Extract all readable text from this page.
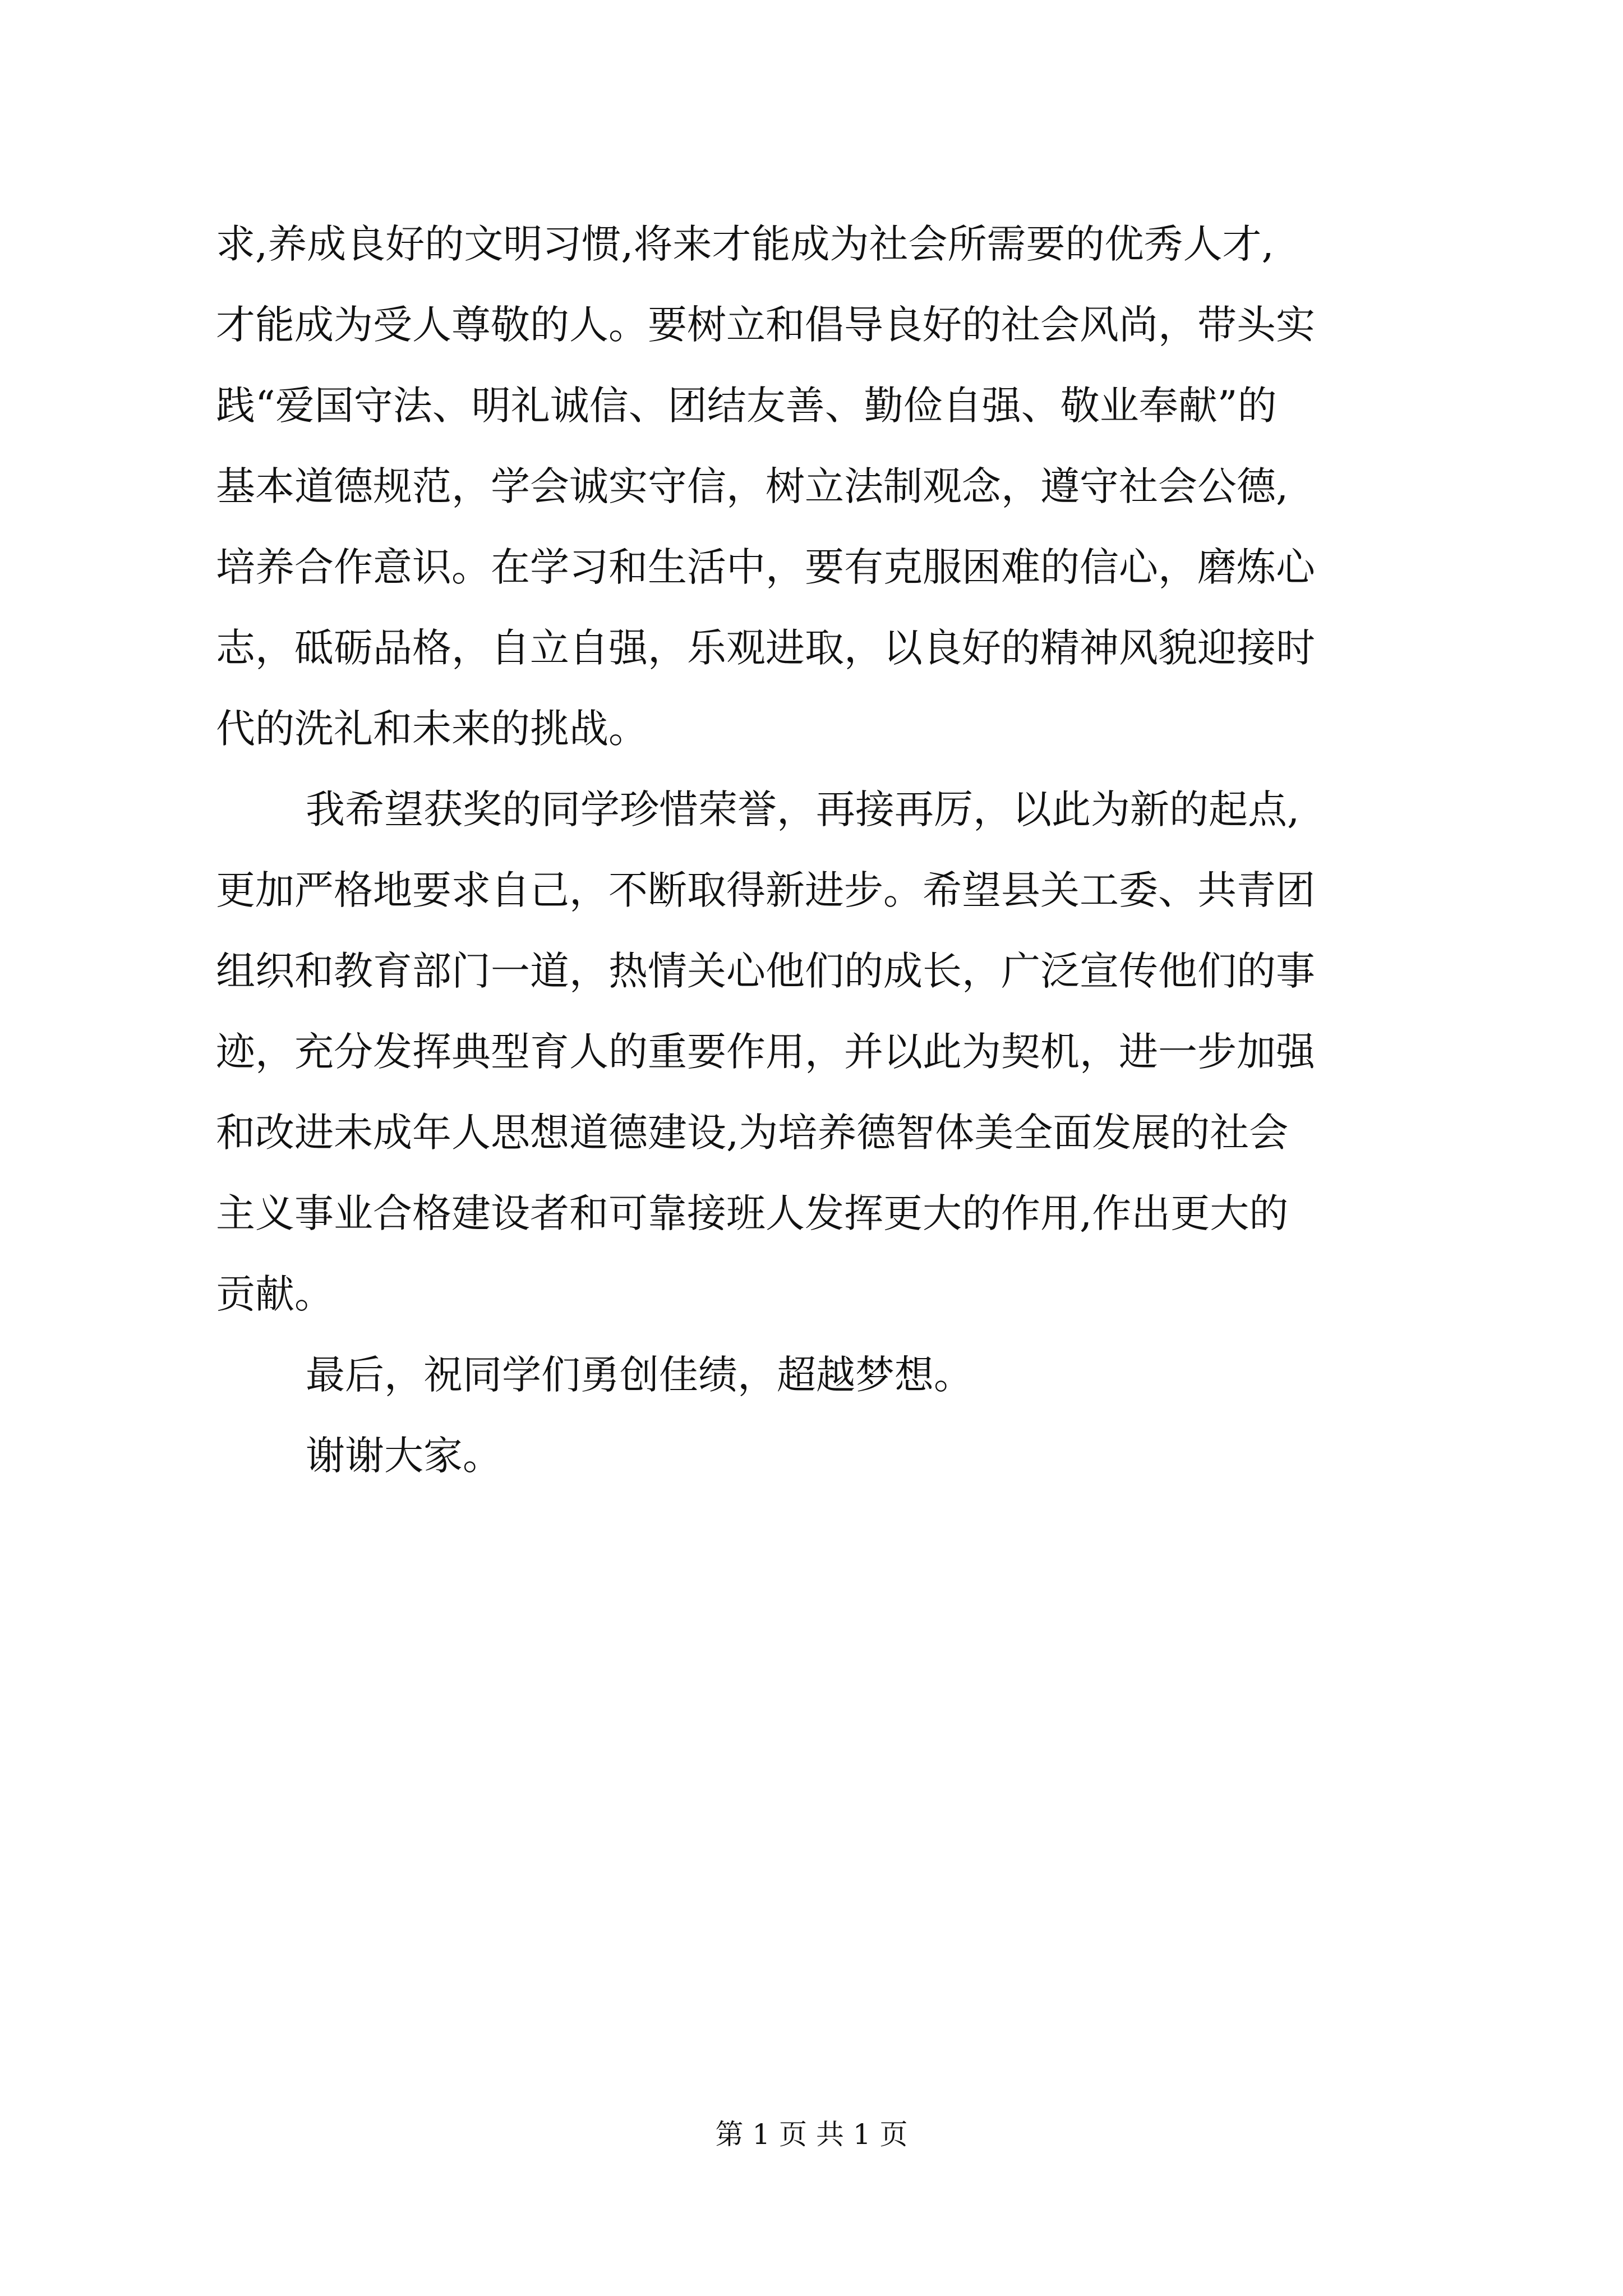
求,养成良好的文明习惯,将来才能成为社会所需要的优秀人才,
才能成为受人尊敬的人。要树立和倡导良好的社会风尚，带头实
践“爱国守法、明礼诚信、团结友善、勤俭自强、敬业奉献”的
基本道德规范，学会诚实守信，树立法制观念，遵守社会公德,
培养合作意识。在学习和生活中，要有克服困难的信心，磨炼心
志，砥砺品格，自立自强，乐观进取，以良好的精神风貌迎接时
代的洗礼和未来的挑战。
我希望获奖的同学珍惜荣誉，再接再厉，以此为新的起点,
更加严格地要求自己，不断取得新进步。希望县关工委、共青团
组织和教育部门一道，热情关心他们的成长，广泛宣传他们的事
迹，充分发挥典型育人的重要作用，并以此为契机，进一步加强
和改进未成年人思想道德建设,为培养德智体美全面发展的社会
主义事业合格建设者和可靠接班人发挥更大的作用,作出更大的
贡献。
最后，祝同学们勇创佳绩，超越梦想。
谢谢大家。
第 1 页 共 1 页
